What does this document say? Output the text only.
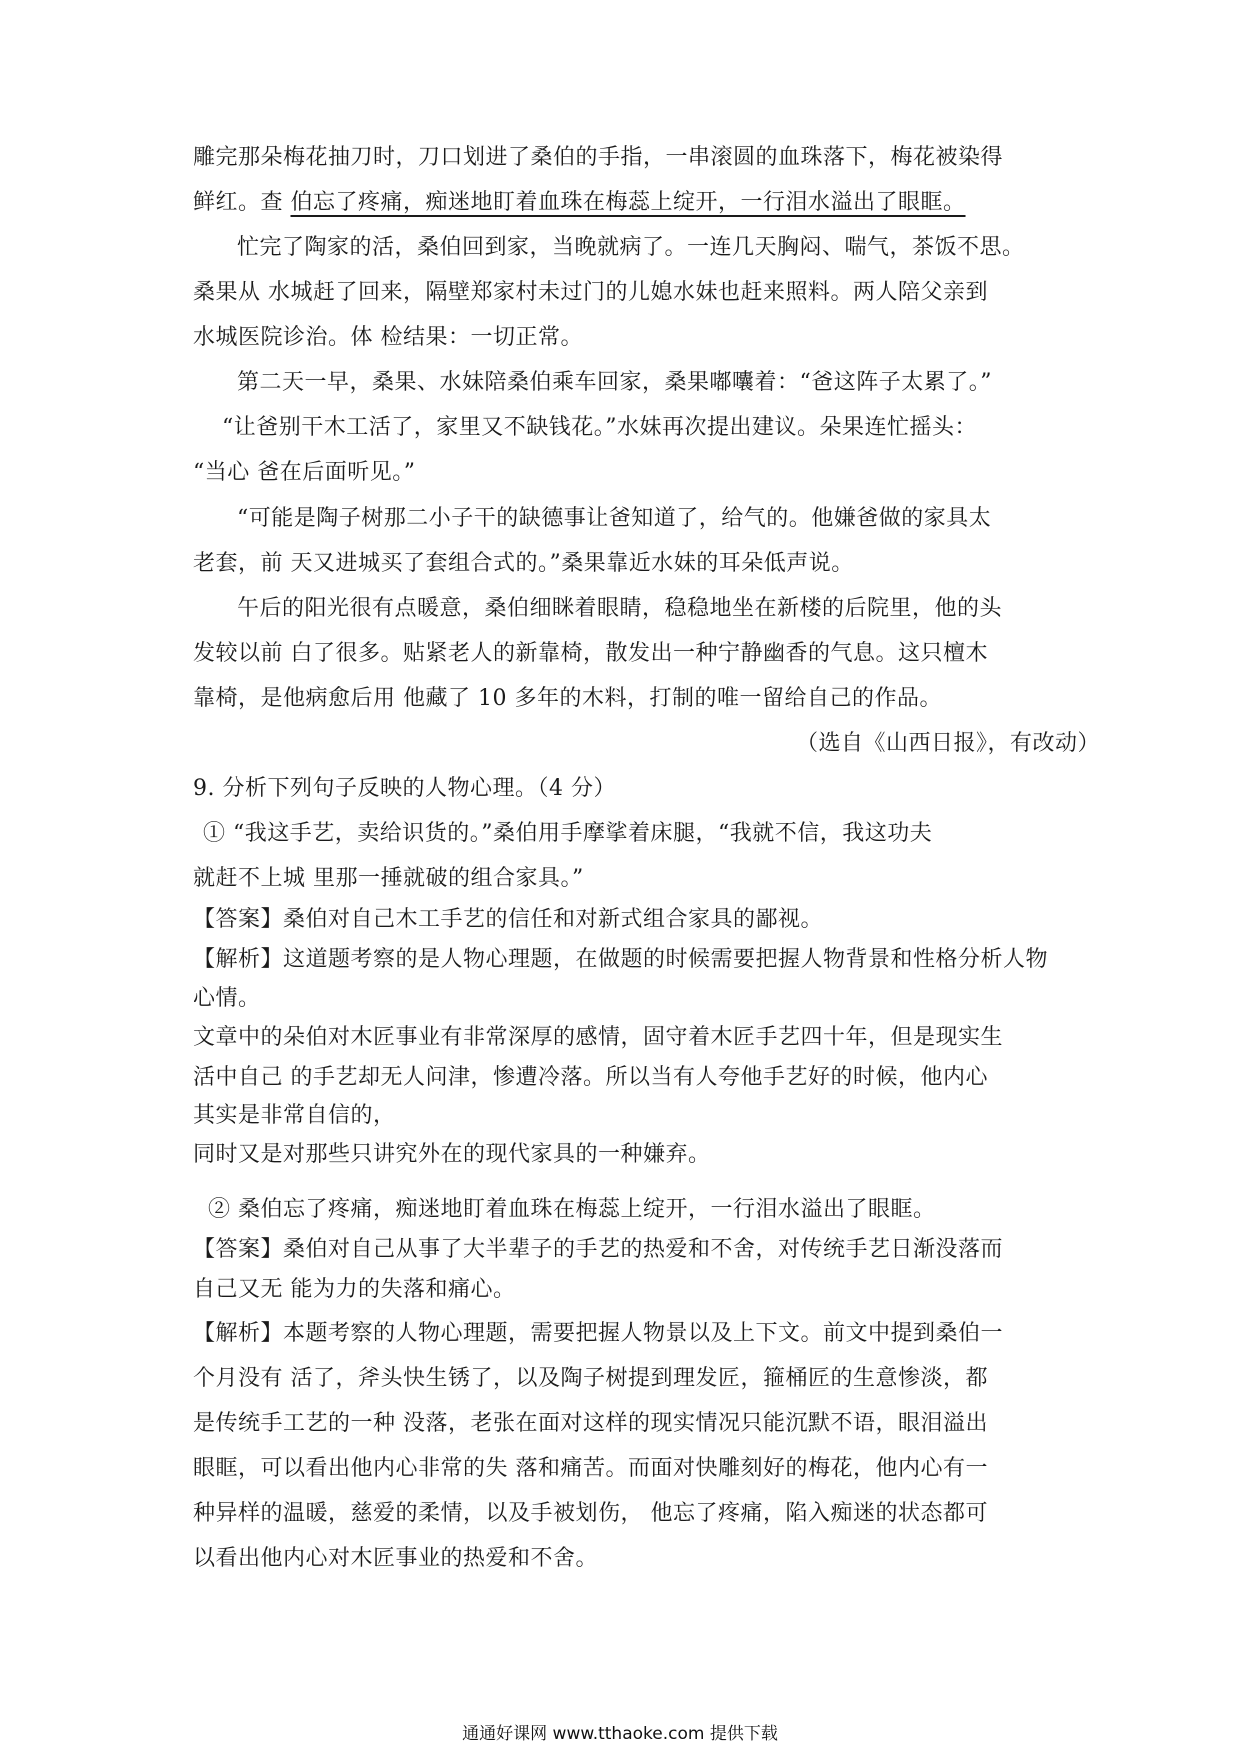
雕完那朵梅花抽刀时，刀口划进了桑伯的手指，一串滚圆的血珠落下，梅花被染得
鲜红。查 伯忘了疼痛，痴迷地盯着血珠在梅蕊上绽开，一行泪水溢出了眼眶。
忙完了陶家的活，桑伯回到家，当晚就病了。一连几天胸闷、喘气，茶饭不思。
桑果从 水城赶了回来，隔壁郑家村未过门的儿媳水妹也赶来照料。两人陪父亲到
水城医院诊治。体 检结果：一切正常。
第二天一早，桑果、水妹陪桑伯乘车回家，桑果嘟囔着：“爸这阵子太累了。”
“让爸别干木工活了，家里又不缺钱花。”水妹再次提出建议。朵果连忙摇头：
“当心 爸在后面听见。”
“可能是陶子树那二小子干的缺德事让爸知道了，给气的。他嫌爸做的家具太
老套，前 天又进城买了套组合式的。”桑果靠近水妹的耳朵低声说。
午后的阳光很有点暖意，桑伯细眯着眼睛，稳稳地坐在新楼的后院里，他的头
发较以前 白了很多。贴紧老人的新靠椅，散发出一种宁静幽香的气息。这只檀木
靠椅，是他病愈后用 他藏了 10 多年的木料，打制的唯一留给自己的作品。
（选自《山西日报》，有改动）
9. 分析下列句子反映的人物心理。（4 分）
① “我这手艺，卖给识货的。”桑伯用手摩挲着床腿，“我就不信，我这功夫
就赶不上城 里那一捶就破的组合家具。”
【答案】桑伯对自己木工手艺的信任和对新式组合家具的鄙视。
【解析】这道题考察的是人物心理题，在做题的时候需要把握人物背景和性格分析人物
心情。
文章中的朵伯对木匠事业有非常深厚的感情，固守着木匠手艺四十年，但是现实生
活中自己 的手艺却无人问津，惨遭冷落。所以当有人夸他手艺好的时候，他内心
其实是非常自信的，
同时又是对那些只讲究外在的现代家具的一种嫌弃。
② 桑伯忘了疼痛，痴迷地盯着血珠在梅蕊上绽开，一行泪水溢出了眼眶。
【答案】桑伯对自己从事了大半辈子的手艺的热爱和不舍，对传统手艺日渐没落而
自己又无 能为力的失落和痛心。
【解析】本题考察的人物心理题，需要把握人物景以及上下文。前文中提到桑伯一
个月没有 活了，斧头快生锈了，以及陶子树提到理发匠，箍桶匠的生意惨淡，都
是传统手工艺的一种 没落，老张在面对这样的现实情况只能沉默不语，眼泪溢出
眼眶，可以看出他内心非常的失 落和痛苦。而面对快雕刻好的梅花，他内心有一
种异样的温暖，慈爱的柔情，以及手被划伤， 他忘了疼痛，陷入痴迷的状态都可
以看出他内心对木匠事业的热爱和不舍。
通通好课网 www.tthaoke.com 提供下载
